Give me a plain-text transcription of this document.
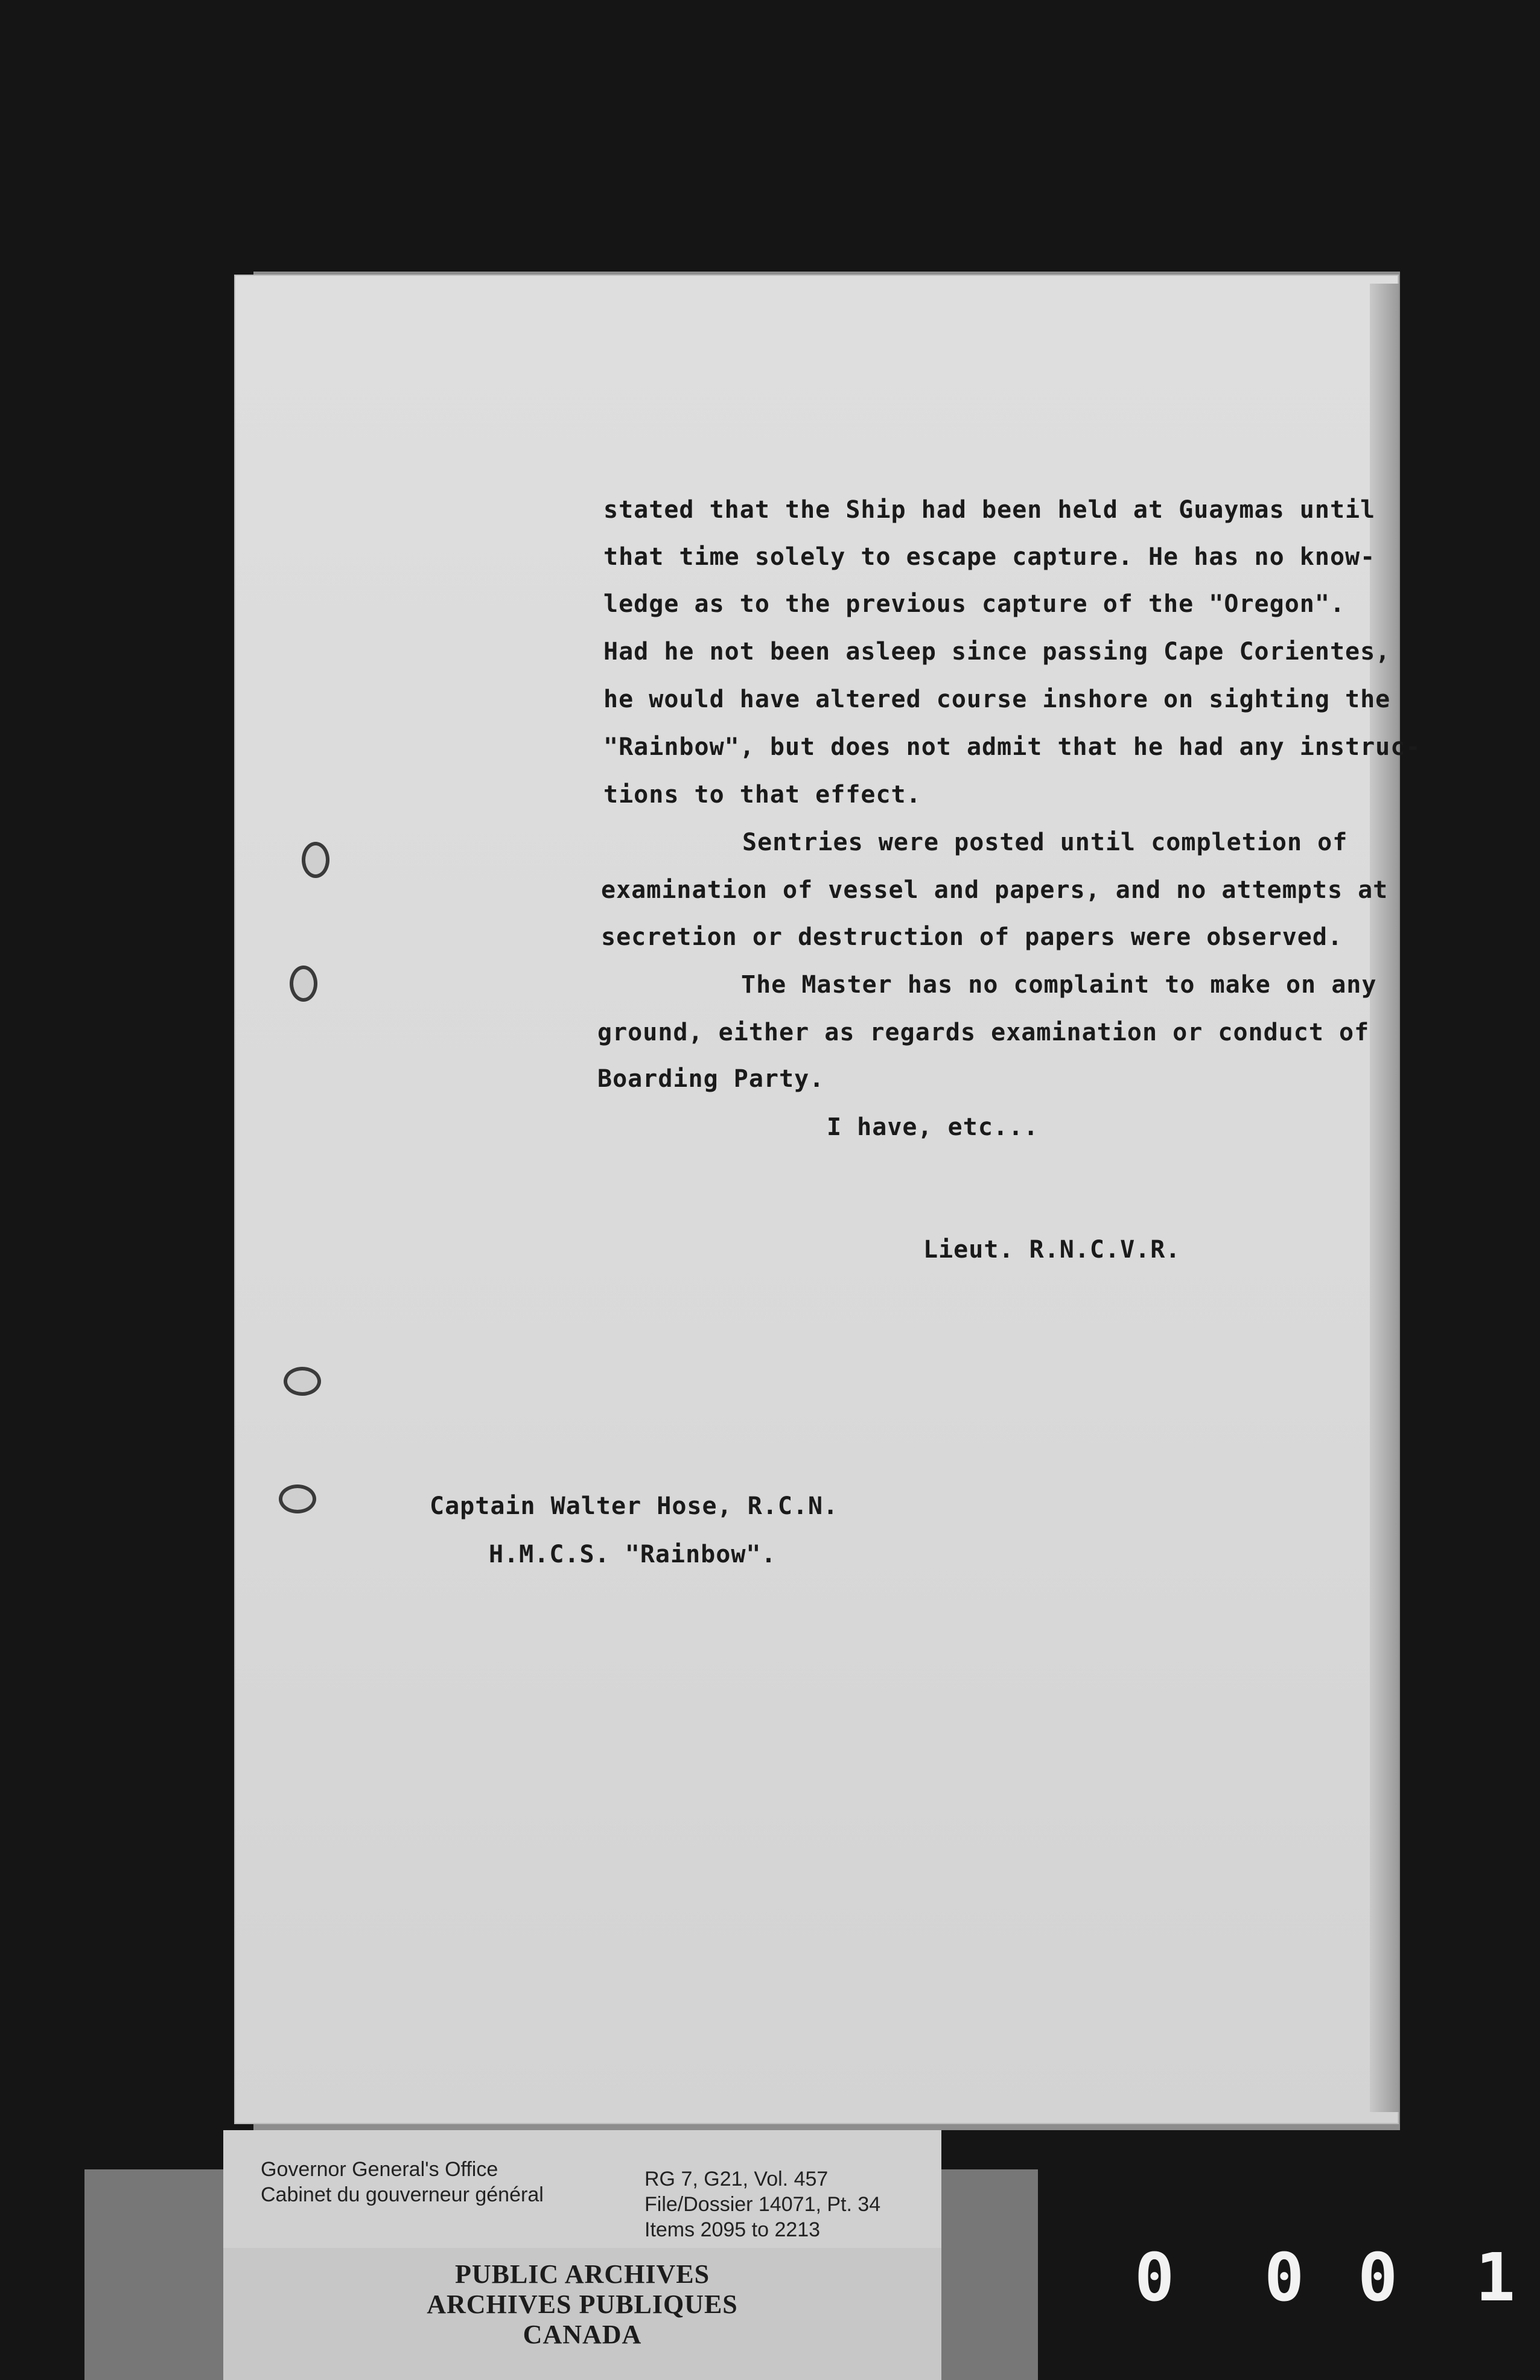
stated that the Ship had been held at Guaymas until
that time solely to escape capture. He has no know-
ledge as to the previous capture of the "Oregon".
Had he not been asleep since passing Cape Corientes,
he would have altered course inshore on sighting the
"Rainbow", but does not admit that he had any instruc-
tions to that effect.
Sentries were posted until completion of
examination of vessel and papers, and no attempts at
secretion or destruction of papers were observed.
The Master has no complaint to make on any
ground, either as regards examination or conduct of
Boarding Party.
I have, etc...
Lieut. R.N.C.V.R.
Captain Walter Hose, R.C.N.
H.M.C.S. "Rainbow".
Governor General's Office
Cabinet du gouverneur général
RG 7, G21, Vol. 457
File/Dossier 14071, Pt. 34
Items 2095 to 2213
PUBLIC ARCHIVES
ARCHIVES PUBLIQUES
CANADA
0 0 0 1
